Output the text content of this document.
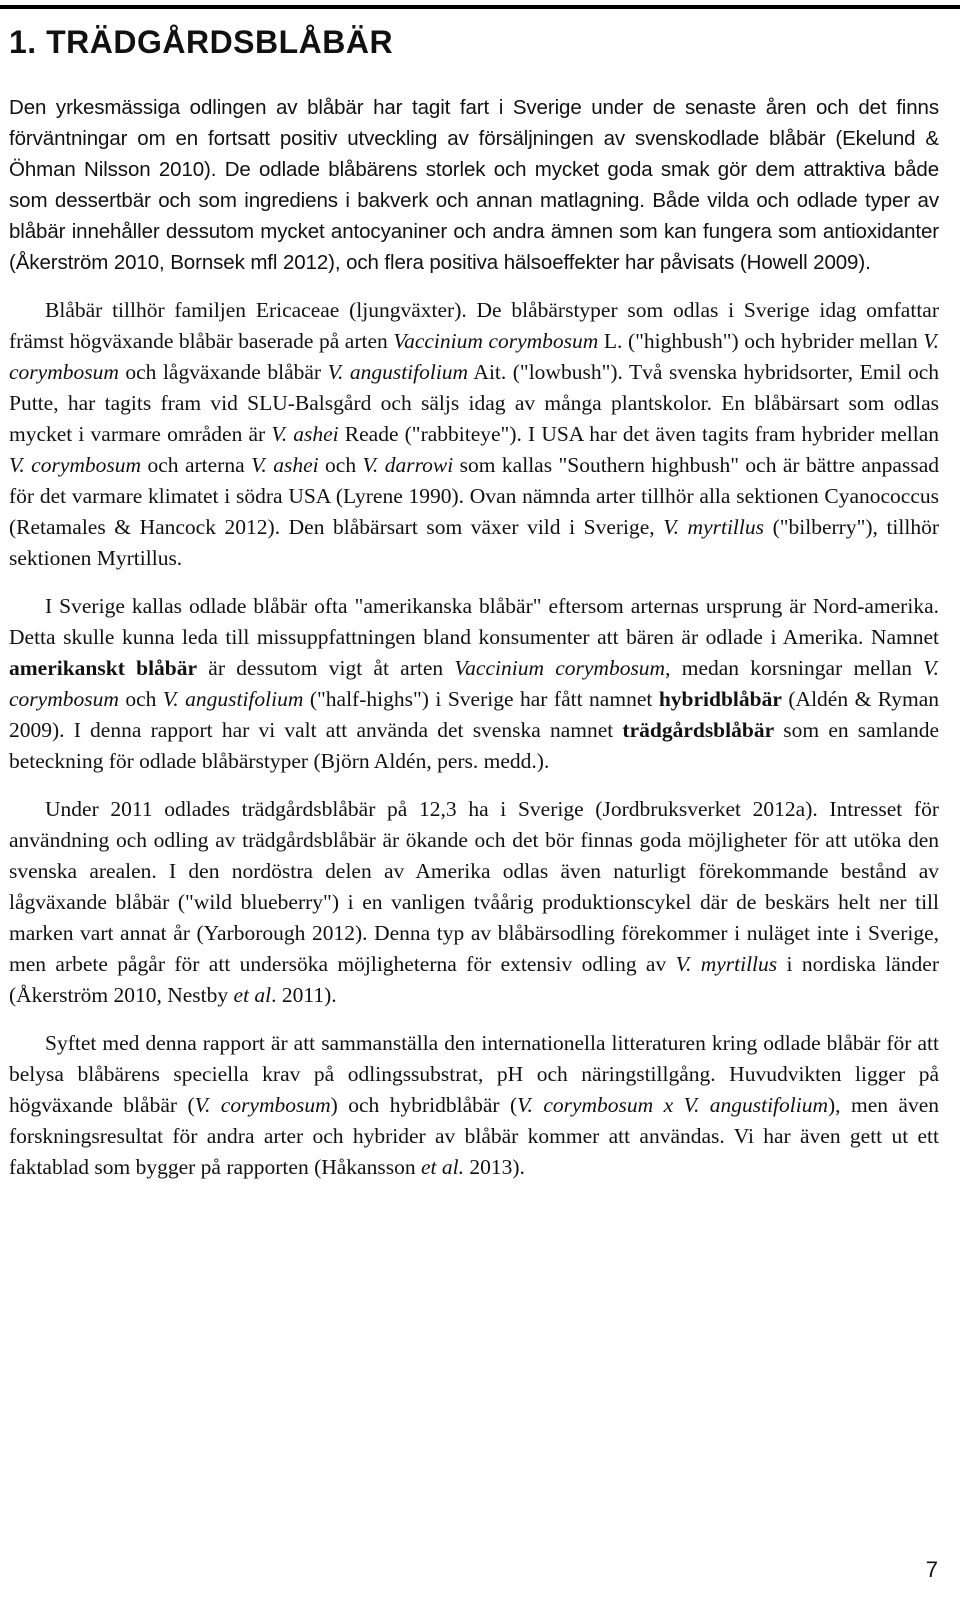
1. TRÄDGÅRDSBLÅBÄR

Den yrkesmässiga odlingen av blåbär har tagit fart i Sverige under de senaste åren och det finns förväntningar om en fortsatt positiv utveckling av försäljningen av svenskodlade blåbär (Ekelund & Öhman Nilsson 2010). De odlade blåbärens storlek och mycket goda smak gör dem attraktiva både som dessertbär och som ingrediens i bakverk och annan matlagning. Både vilda och odlade typer av blåbär innehåller dessutom mycket antocyaniner och andra ämnen som kan fungera som antioxidanter (Åkerström 2010, Bornsek mfl 2012), och flera positiva hälsoeffekter har påvisats (Howell 2009).

Blåbär tillhör familjen Ericaceae (ljungväxter). De blåbärstyper som odlas i Sverige idag omfattar främst högväxande blåbär baserade på arten Vaccinium corymbosum L. ("highbush") och hybrider mellan V. corymbosum och lågväxande blåbär V. angustifolium Ait. ("lowbush"). Två svenska hybridsorter, Emil och Putte, har tagits fram vid SLU-Balsgård och säljs idag av många plantskolor. En blåbärsart som odlas mycket i varmare områden är V. ashei Reade ("rabbiteye"). I USA har det även tagits fram hybrider mellan V. corymbosum och arterna V. ashei och V. darrowi som kallas "Southern highbush" och är bättre anpassad för det varmare klimatet i södra USA (Lyrene 1990). Ovan nämnda arter tillhör alla sektionen Cyanococcus (Retamales & Hancock 2012). Den blåbärsart som växer vild i Sverige, V. myrtillus ("bilberry"), tillhör sektionen Myrtillus.

I Sverige kallas odlade blåbär ofta "amerikanska blåbär" eftersom arternas ursprung är Nord-amerika. Detta skulle kunna leda till missuppfattningen bland konsumenter att bären är odlade i Amerika. Namnet amerikanskt blåbär är dessutom vigt åt arten Vaccinium corymbosum, medan korsningar mellan V. corymbosum och V. angustifolium ("half-highs") i Sverige har fått namnet hybridblåbär (Aldén & Ryman 2009). I denna rapport har vi valt att använda det svenska namnet trädgårdsblåbär som en samlande beteckning för odlade blåbärstyper (Björn Aldén, pers. medd.).

Under 2011 odlades trädgårdsblåbär på 12,3 ha i Sverige (Jordbruksverket 2012a). Intresset för användning och odling av trädgårdsblåbär är ökande och det bör finnas goda möjligheter för att utöka den svenska arealen. I den nordöstra delen av Amerika odlas även naturligt förekommande bestånd av lågväxande blåbär ("wild blueberry") i en vanligen tvåårig produktionscykel där de beskärs helt ner till marken vart annat år (Yarborough 2012). Denna typ av blåbärsodling förekommer i nuläget inte i Sverige, men arbete pågår för att undersöka möjligheterna för extensiv odling av V. myrtillus i nordiska länder (Åkerström 2010, Nestby et al. 2011).

Syftet med denna rapport är att sammanställa den internationella litteraturen kring odlade blåbär för att belysa blåbärens speciella krav på odlingssubstrat, pH och näringstillgång. Huvudvikten ligger på högväxande blåbär (V. corymbosum) och hybridblåbär (V. corymbosum x V. angustifolium), men även forskningsresultat för andra arter och hybrider av blåbär kommer att användas. Vi har även gett ut ett faktablad som bygger på rapporten (Håkansson et al. 2013).

7
